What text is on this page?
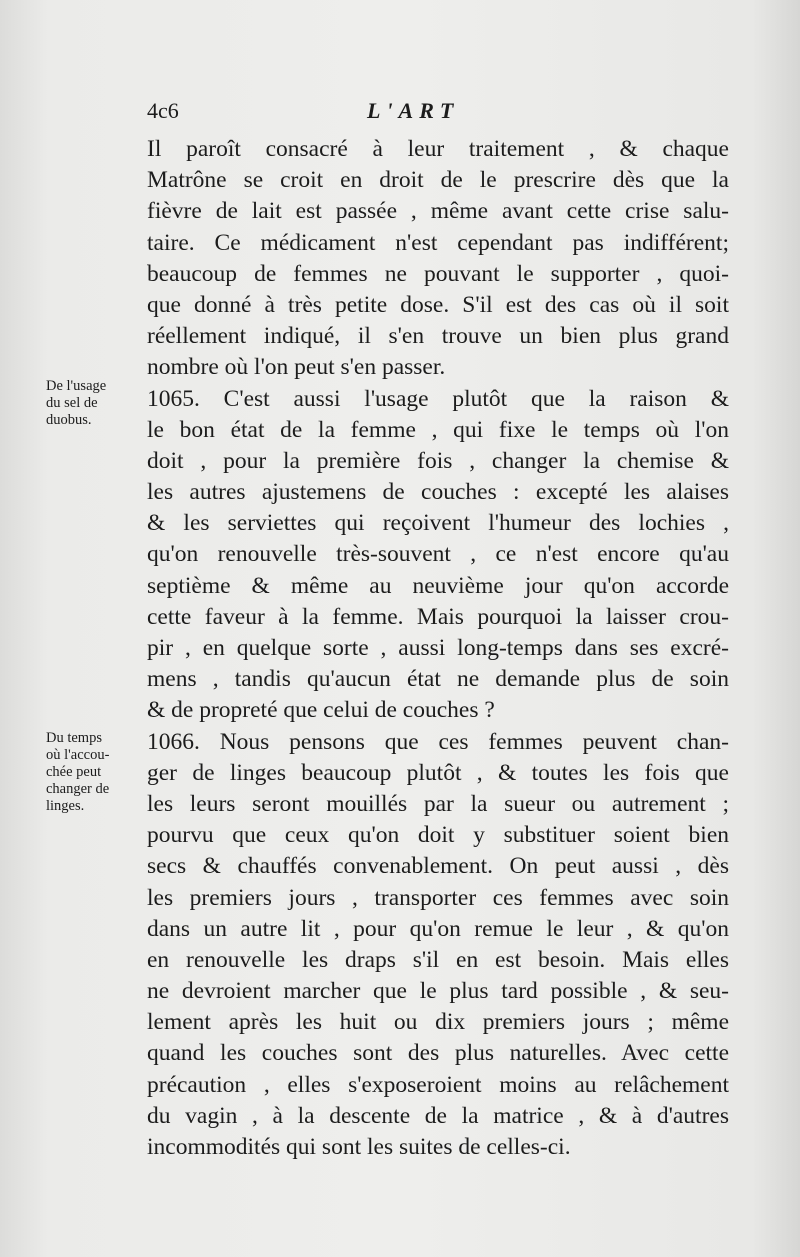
4c6	L'ART
Il paroît consacré à leur traitement , & chaque
Matrône se croit en droit de le prescrire dès que la
fièvre de lait est passée , même avant cette crise salu-
taire. Ce médicament n'est cependant pas indifférent;
beaucoup de femmes ne pouvant le supporter , quoi-
que donné à très petite dose. S'il est des cas où il soit
réellement indiqué, il s'en trouve un bien plus grand
nombre où l'on peut s'en passer.
1065. C'est aussi l'usage plutôt que la raison &
le bon état de la femme , qui fixe le temps où l'on
doit , pour la première fois , changer la chemise &
les autres ajustemens de couches : excepté les alaises
& les serviettes qui reçoivent l'humeur des lochies ,
qu'on renouvelle très-souvent , ce n'est encore qu'au
septième & même au neuvième jour qu'on accorde
cette faveur à la femme. Mais pourquoi la laisser crou-
pir , en quelque sorte , aussi long-temps dans ses excré-
mens , tandis qu'aucun état ne demande plus de soin
& de propreté que celui de couches ?
1066. Nous pensons que ces femmes peuvent chan-
ger de linges beaucoup plutôt , & toutes les fois que
les leurs seront mouillés par la sueur ou autrement ;
pourvu que ceux qu'on doit y substituer soient bien
secs & chauffés convenablement. On peut aussi , dès
les premiers jours , transporter ces femmes avec soin
dans un autre lit , pour qu'on remue le leur , & qu'on
en renouvelle les draps s'il en est besoin. Mais elles
ne devroient marcher que le plus tard possible , & seu-
lement après les huit ou dix premiers jours ; même
quand les couches sont des plus naturelles. Avec cette
précaution , elles s'exposeroient moins au relâchement
du vagin , à la descente de la matrice , & à d'autres
incommodités qui sont les suites de celles-ci.
De l'usage
du sel de
duobus.
Du temps
où l'accou-
chée peut
changer de
linges.
